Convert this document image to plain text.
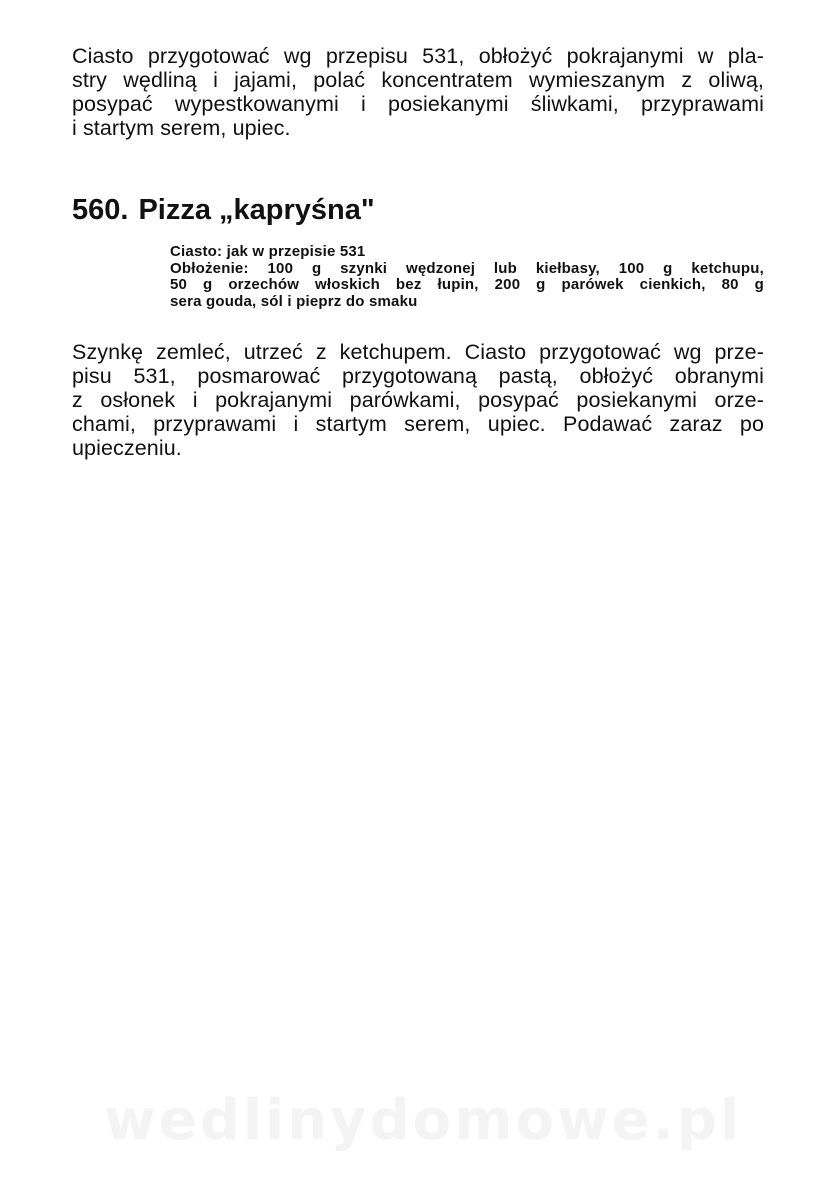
Ciasto przygotować wg przepisu 531, obłożyć pokrajanymi w pla-
stry wędliną i jajami, polać koncentratem wymieszanym z oliwą,
posypać wypestkowanymi i posiekanymi śliwkami, przyprawami
i startym serem, upiec.

560. Pizza „kapryśna"
Ciasto: jak w przepisie 531
Obłożenie: 100 g szynki wędzonej lub kiełbasy, 100 g ketchupu,
50 g orzechów włoskich bez łupin, 200 g parówek cienkich, 80 g
sera gouda, sól i pieprz do smaku

Szynkę zemleć, utrzeć z ketchupem. Ciasto przygotować wg prze-
pisu 531, posmarować przygotowaną pastą, obłożyć obranymi
z osłonek i pokrajanymi parówkami, posypać posiekanymi orze-
chami, przyprawami i startym serem, upiec. Podawać zaraz po
upieczeniu.

wedlinydomowe.pl
